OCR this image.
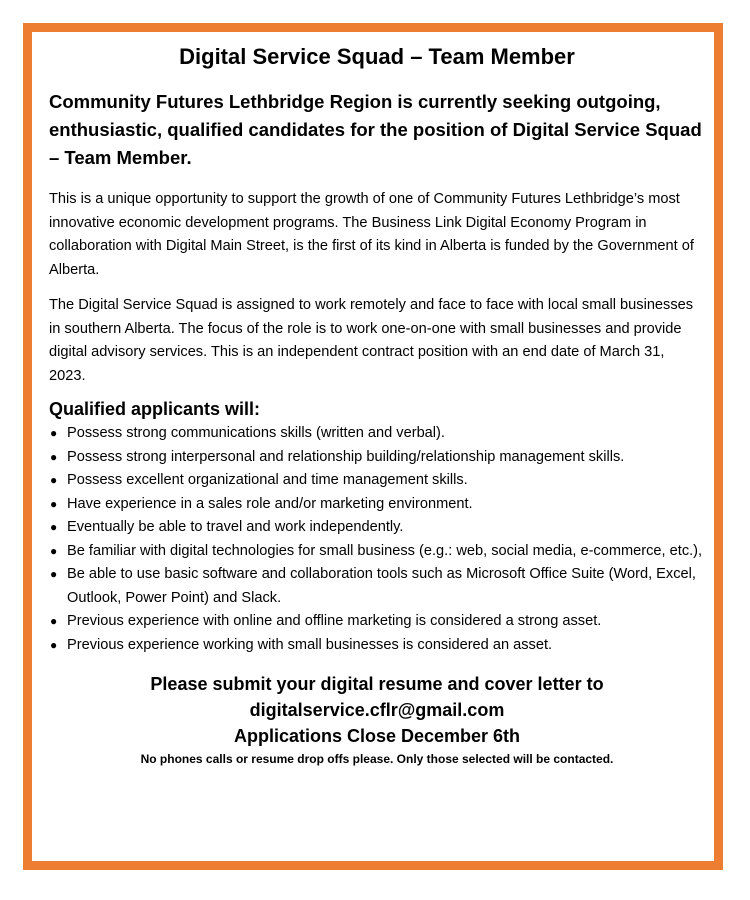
Digital Service Squad – Team Member

Community Futures Lethbridge Region is currently seeking outgoing, enthusiastic, qualified candidates for the position of Digital Service Squad – Team Member.

This is a unique opportunity to support the growth of one of Community Futures Lethbridge’s most innovative economic development programs. The Business Link Digital Economy Program in collaboration with Digital Main Street, is the first of its kind in Alberta is funded by the Government of Alberta.

The Digital Service Squad is assigned to work remotely and face to face with local small businesses in southern Alberta. The focus of the role is to work one-on-one with small businesses and provide digital advisory services. This is an independent contract position with an end date of March 31, 2023.

Qualified applicants will:
● Possess strong communications skills (written and verbal).
● Possess strong interpersonal and relationship building/relationship management skills.
● Possess excellent organizational and time management skills.
● Have experience in a sales role and/or marketing environment.
● Eventually be able to travel and work independently.
● Be familiar with digital technologies for small business (e.g.: web, social media, e-commerce, etc.),
● Be able to use basic software and collaboration tools such as Microsoft Office Suite (Word, Excel, Outlook, Power Point) and Slack.
● Previous experience with online and offline marketing is considered a strong asset.
● Previous experience working with small businesses is considered an asset.

Please submit your digital resume and cover letter to
digitalservice.cflr@gmail.com
Applications Close December 6th

No phones calls or resume drop offs please. Only those selected will be contacted.
